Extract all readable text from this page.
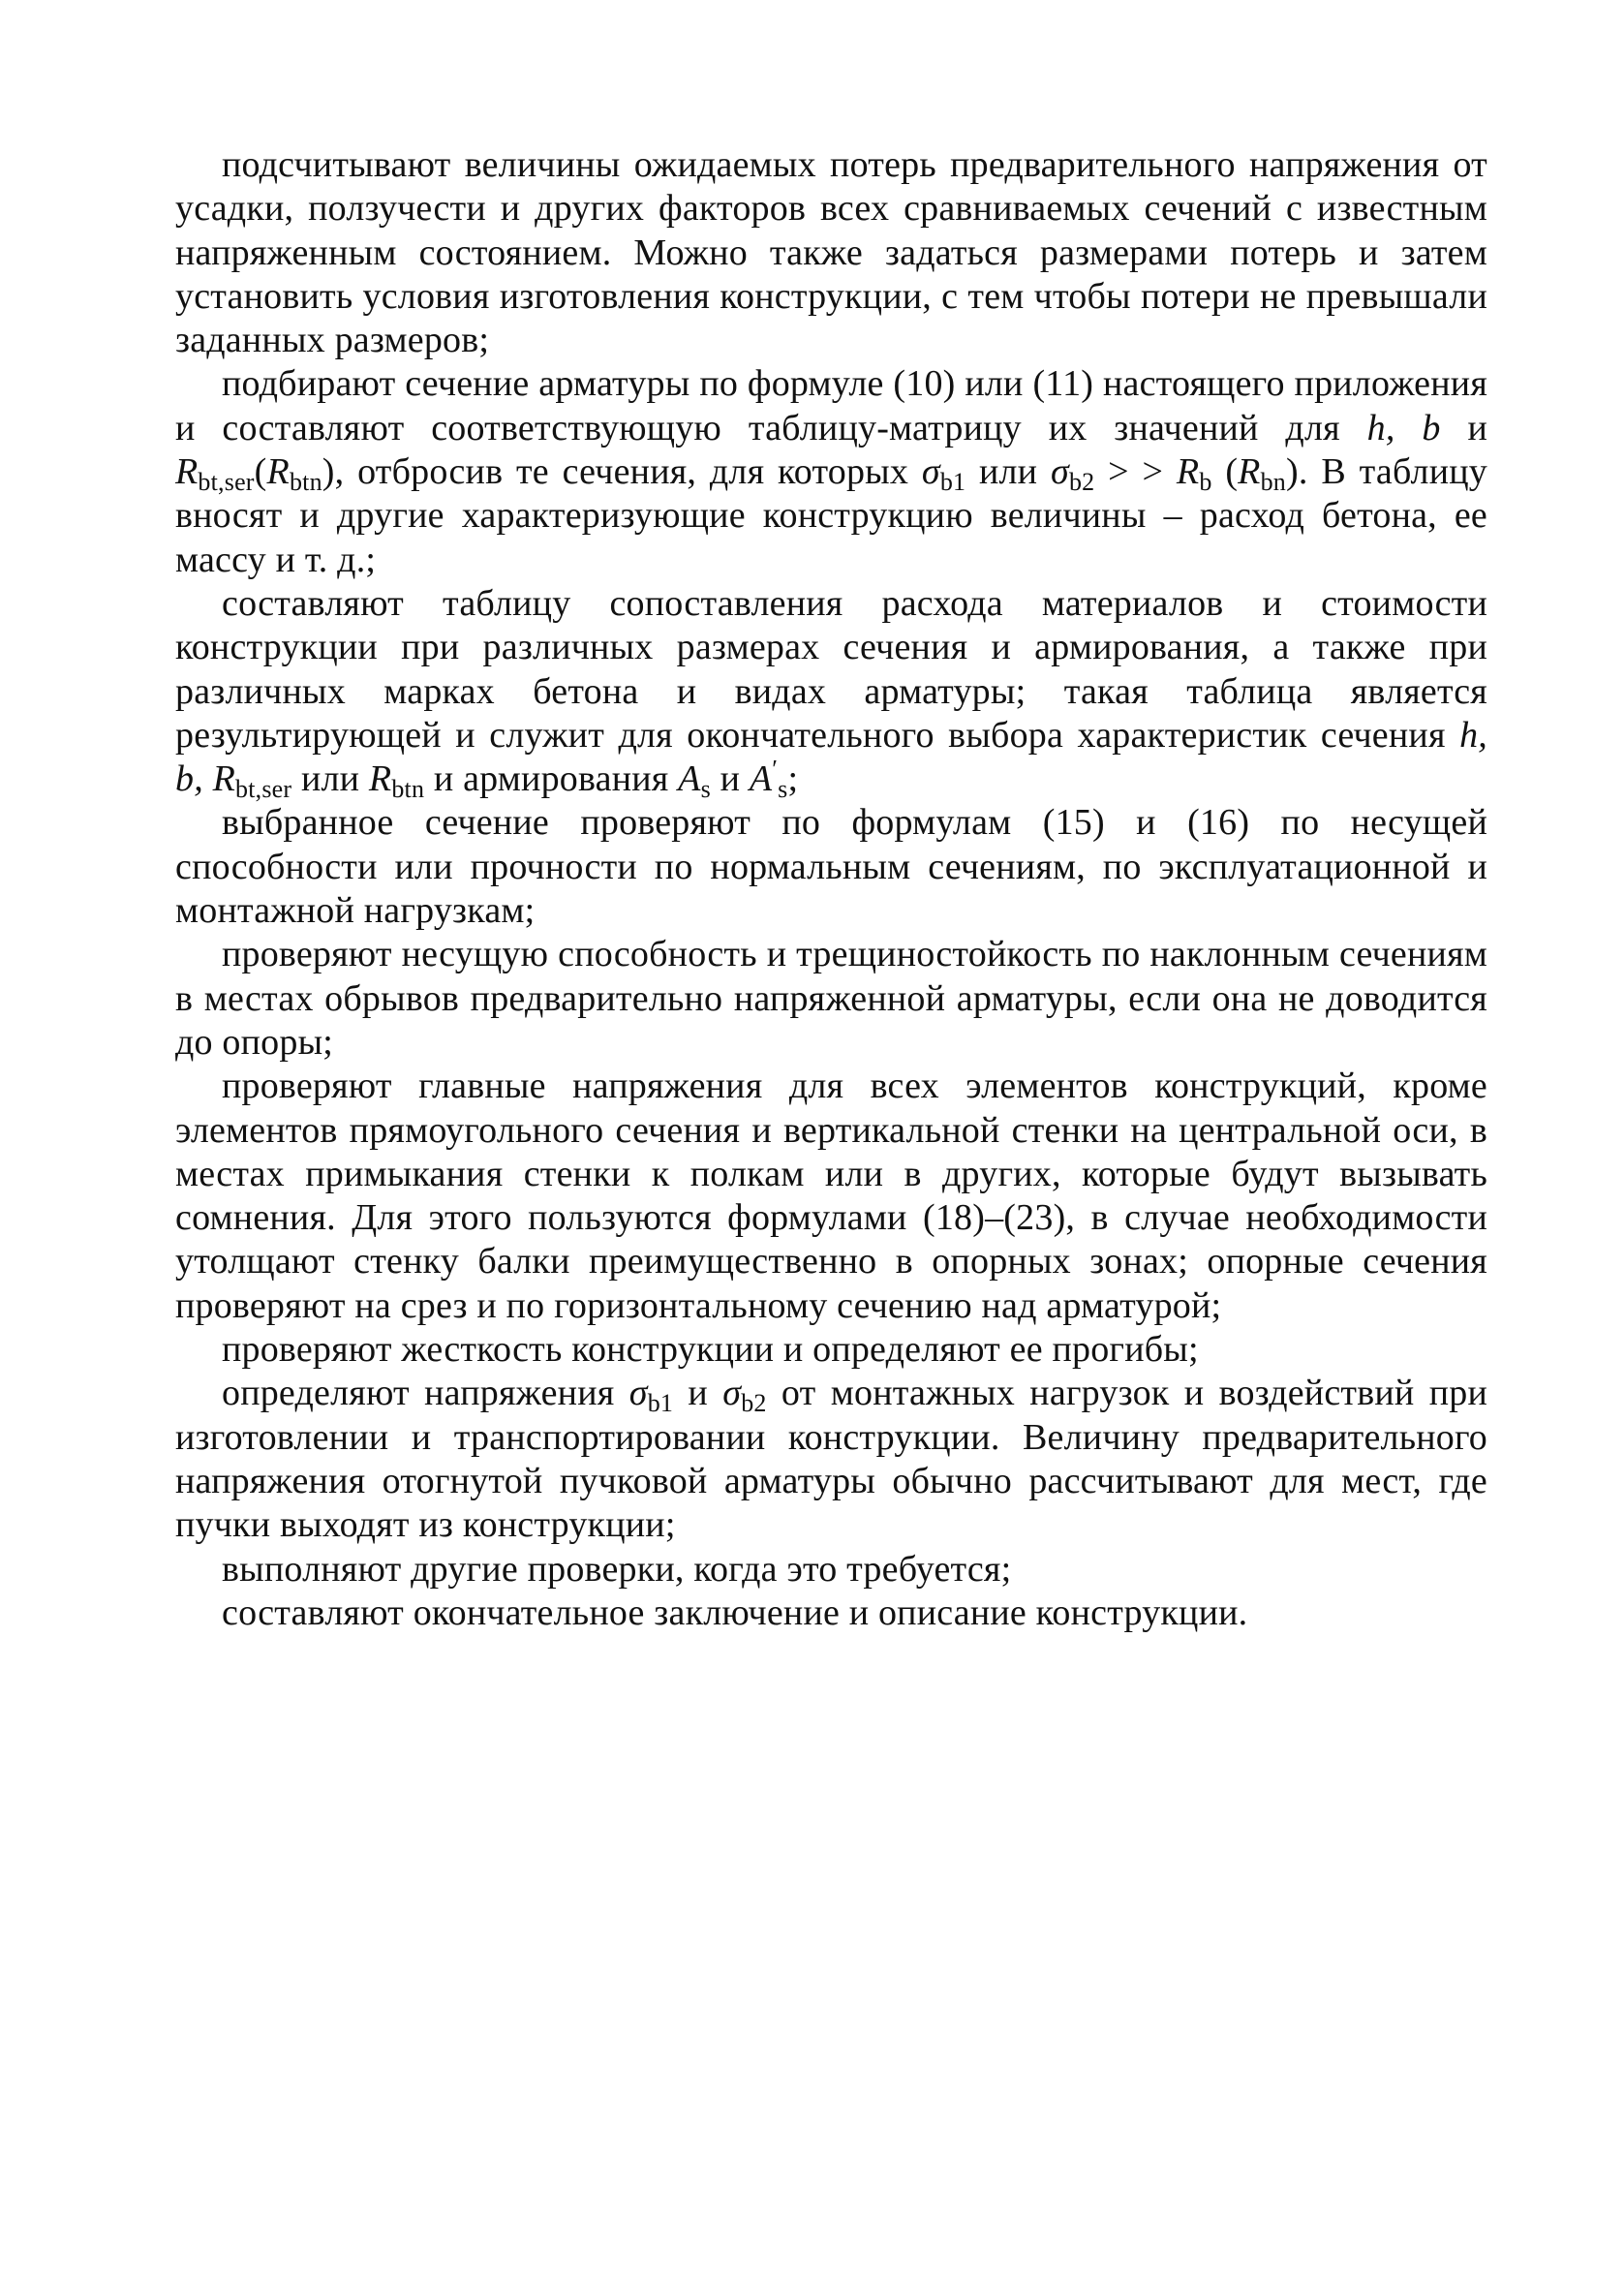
подсчитывают величины ожидаемых потерь предварительного напряжения от усадки, ползучести и других факторов всех сравниваемых сечений с известным напряженным состоянием. Можно также задаться размерами потерь и затем установить условия изготовления конструкции, с тем чтобы потери не превышали заданных размеров;

подбирают сечение арматуры по формуле (10) или (11) настоящего приложения и составляют соответствующую таблицу-матрицу их значений для h, b и $R_{bt,ser}(R_{btn})$, отбросив те сечения, для которых $\sigma_{b1}$ или $\sigma_{b2}$ > > $R_b$ $(R_{bn})$. В таблицу вносят и другие характеризующие конструкцию величины – расход бетона, ее массу и т. д.;

составляют таблицу сопоставления расхода материалов и стоимости конструкции при различных размерах сечения и армирования, а также при различных марках бетона и видах арматуры; такая таблица является результирующей и служит для окончательного выбора характеристик сечения h, b, $R_{bt,ser}$ или $R_{btn}$ и армирования $A_s$ и $A'_s$;

выбранное сечение проверяют по формулам (15) и (16) по несущей способности или прочности по нормальным сечениям, по эксплуатационной и монтажной нагрузкам;

проверяют несущую способность и трещиностойкость по наклонным сечениям в местах обрывов предварительно напряженной арматуры, если она не доводится до опоры;

проверяют главные напряжения для всех элементов конструкций, кроме элементов прямоугольного сечения и вертикальной стенки на центральной оси, в местах примыкания стенки к полкам или в других, которые будут вызывать сомнения. Для этого пользуются формулами (18)–(23), в случае необходимости утолщают стенку балки преимущественно в опорных зонах; опорные сечения проверяют на срез и по горизонтальному сечению над арматурой;

проверяют жесткость конструкции и определяют ее прогибы;

определяют напряжения $\sigma_{b1}$ и $\sigma_{b2}$ от монтажных нагрузок и воздействий при изготовлении и транспортировании конструкции. Величину предварительного напряжения отогнутой пучковой арматуры обычно рассчитывают для мест, где пучки выходят из конструкции;

выполняют другие проверки, когда это требуется;

составляют окончательное заключение и описание конструкции.
